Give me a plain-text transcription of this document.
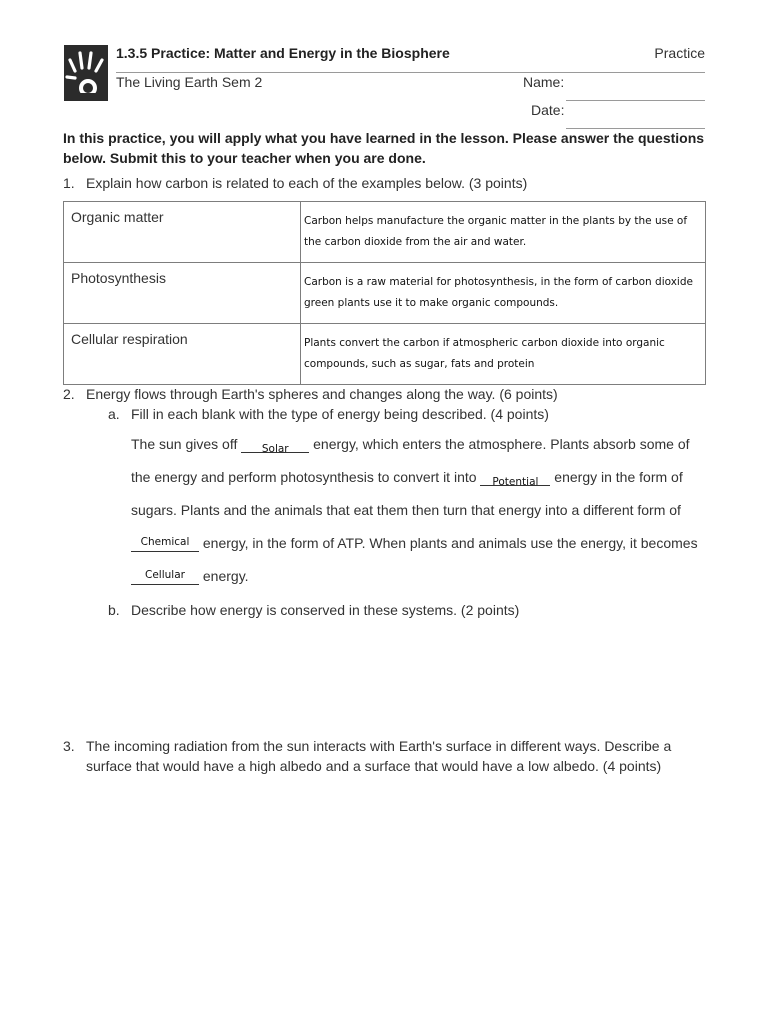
1.3.5 Practice: Matter and Energy in the Biosphere	Practice
The Living Earth Sem 2	Name:
Date:
In this practice, you will apply what you have learned in the lesson. Please answer the questions below. Submit this to your teacher when you are done.
1. Explain how carbon is related to each of the examples below. (3 points)
Organic matter	Carbon helps manufacture the organic matter in the plants by the use of the carbon dioxide from the air and water.
Photosynthesis	Carbon is a raw material for photosynthesis, in the form of carbon dioxide green plants use it to make organic compounds.
Cellular respiration	Plants convert the carbon if atmospheric carbon dioxide into organic compounds, such as sugar, fats and protein
2. Energy flows through Earth's spheres and changes along the way. (6 points)
a. Fill in each blank with the type of energy being described. (4 points)
The sun gives off Solar energy, which enters the atmosphere. Plants absorb some of
the energy and perform photosynthesis to convert it into Potential energy in the form of
sugars. Plants and the animals that eat them then turn that energy into a different form of
Chemical energy, in the form of ATP. When plants and animals use the energy, it becomes
Cellular energy.
b. Describe how energy is conserved in these systems. (2 points)
3. The incoming radiation from the sun interacts with Earth's surface in different ways. Describe a
surface that would have a high albedo and a surface that would have a low albedo. (4 points)
